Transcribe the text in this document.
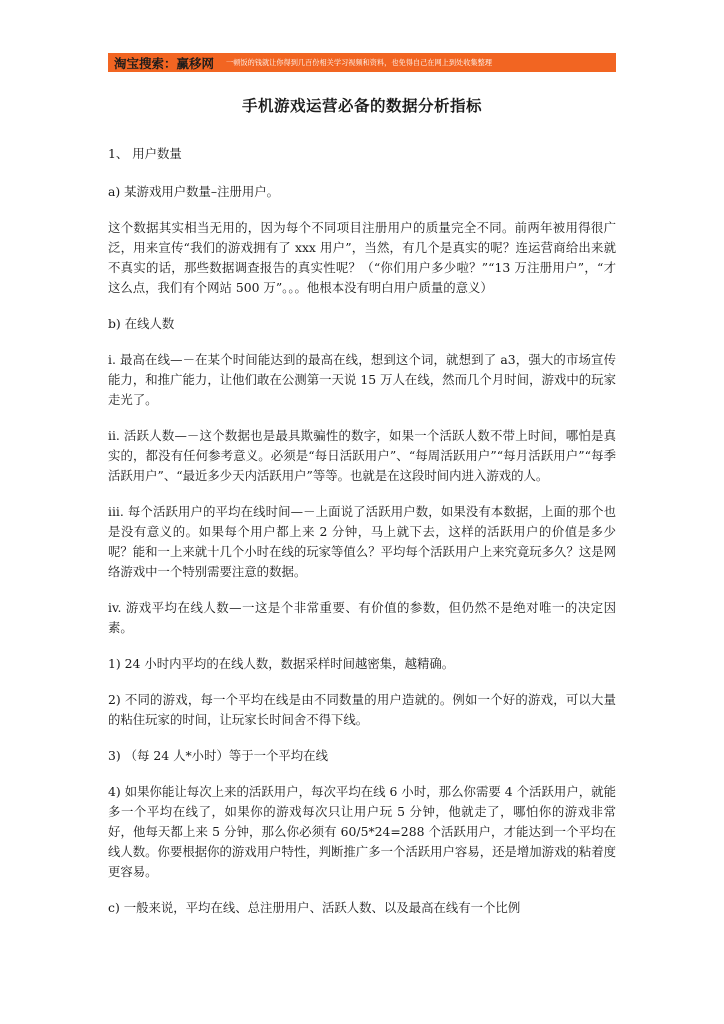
淘宝搜索：赢移网 一顿饭的钱就让你得到几百份相关学习视频和资料，也免得自己在网上到处收集整理
手机游戏运营必备的数据分析指标

1、 用户数量

a) 某游戏用户数量–注册用户。

这个数据其实相当无用的，因为每个不同项目注册用户的质量完全不同。前两年被用得很广泛，用来宣传“我们的游戏拥有了 xxx 用户”，当然，有几个是真实的呢？连运营商给出来就不真实的话，那些数据调查报告的真实性呢？（“你们用户多少啦？”“13 万注册用户”，“才这么点，我们有个网站 500 万”。。。他根本没有明白用户质量的意义）

b) 在线人数

i. 最高在线—－在某个时间能达到的最高在线，想到这个词，就想到了 a3，强大的市场宣传能力，和推广能力，让他们敢在公测第一天说 15 万人在线，然而几个月时间，游戏中的玩家走光了。

ii. 活跃人数—－这个数据也是最具欺骗性的数字，如果一个活跃人数不带上时间，哪怕是真实的，都没有任何参考意义。必须是“每日活跃用户”、“每周活跃用户”“每月活跃用户”“每季活跃用户”、“最近多少天内活跃用户”等等。也就是在这段时间内进入游戏的人。

iii. 每个活跃用户的平均在线时间—－上面说了活跃用户数，如果没有本数据，上面的那个也是没有意义的。如果每个用户都上来 2 分钟，马上就下去，这样的活跃用户的价值是多少呢？能和一上来就十几个小时在线的玩家等值么？平均每个活跃用户上来究竟玩多久？这是网络游戏中一个特别需要注意的数据。

iv. 游戏平均在线人数—一这是个非常重要、有价值的参数，但仍然不是绝对唯一的决定因素。

1) 24 小时内平均的在线人数，数据采样时间越密集，越精确。

2) 不同的游戏，每一个平均在线是由不同数量的用户造就的。例如一个好的游戏，可以大量的粘住玩家的时间，让玩家长时间舍不得下线。

3) （每 24 人*小时）等于一个平均在线

4) 如果你能让每次上来的活跃用户，每次平均在线 6 小时，那么你需要 4 个活跃用户，就能多一个平均在线了，如果你的游戏每次只让用户玩 5 分钟，他就走了，哪怕你的游戏非常好，他每天都上来 5 分钟，那么你必须有 60/5*24=288 个活跃用户，才能达到一个平均在线人数。你要根据你的游戏用户特性，判断推广多一个活跃用户容易，还是增加游戏的粘着度更容易。

c) 一般来说，平均在线、总注册用户、活跃人数、以及最高在线有一个比例
